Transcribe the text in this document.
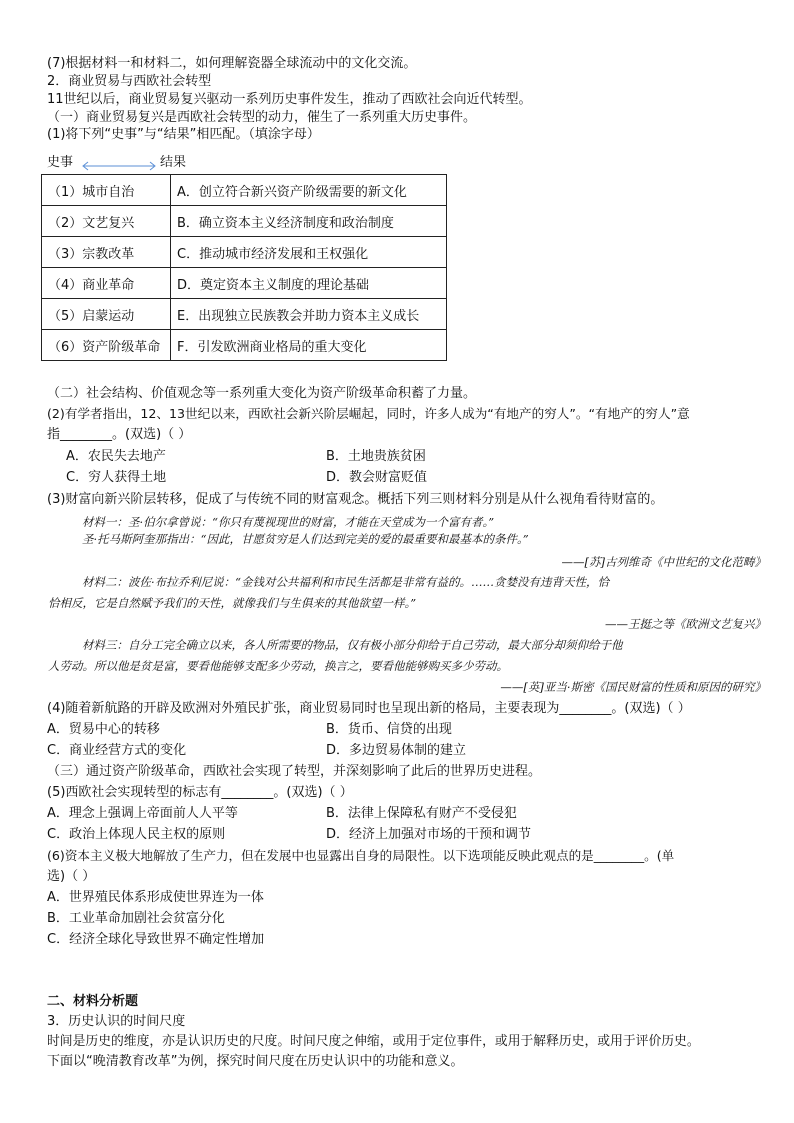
(7)根据材料一和材料二，如何理解瓷器全球流动中的文化交流。
2．商业贸易与西欧社会转型
11世纪以后，商业贸易复兴驱动一系列历史事件发生，推动了西欧社会向近代转型。
（一）商业贸易复兴是西欧社会转型的动力，催生了一系列重大历史事件。
(1)将下列“史事”与“结果”相匹配。（填涂字母）
史事	结果
（1）城市自治	A．创立符合新兴资产阶级需要的新文化
（2）文艺复兴	B．确立资本主义经济制度和政治制度
（3）宗教改革	C．推动城市经济发展和王权强化
（4）商业革命	D．奠定资本主义制度的理论基础
（5）启蒙运动	E．出现独立民族教会并助力资本主义成长
（6）资产阶级革命	F．引发欧洲商业格局的重大变化
（二）社会结构、价值观念等一系列重大变化为资产阶级革命积蓄了力量。
(2)有学者指出，12、13世纪以来，西欧社会新兴阶层崛起，同时，许多人成为“有地产的穷人”。“有地产的穷人”意
指________。(双选)（ ）
A．农民失去地产	B．土地贵族贫困
C．穷人获得土地	D．教会财富贬值
(3)财富向新兴阶层转移，促成了与传统不同的财富观念。概括下列三则材料分别是从什么视角看待财富的。
材料一：圣·伯尔拿曾说：“你只有蔑视现世的财富，才能在天堂成为一个富有者。”
圣·托马斯阿奎那指出：“因此，甘愿贫穷是人们达到完美的爱的最重要和最基本的条件。”
——[苏]古列维奇《中世纪的文化范畴》
材料二：波佐·布拉乔利尼说：“金钱对公共福利和市民生活都是非常有益的。……贪婪没有违背天性，恰
恰相反，它是自然赋予我们的天性，就像我们与生俱来的其他欲望一样。”
——王挺之等《欧洲文艺复兴》
材料三：自分工完全确立以来，各人所需要的物品，仅有极小部分仰给于自己劳动，最大部分却须仰给于他
人劳动。所以他是贫是富，要看他能够支配多少劳动，换言之，要看他能够购买多少劳动。
——[英]亚当·斯密《国民财富的性质和原因的研究》
(4)随着新航路的开辟及欧洲对外殖民扩张，商业贸易同时也呈现出新的格局，主要表现为________。(双选)（ ）
A．贸易中心的转移	B．货币、信贷的出现
C．商业经营方式的变化	D．多边贸易体制的建立
（三）通过资产阶级革命，西欧社会实现了转型，并深刻影响了此后的世界历史进程。
(5)西欧社会实现转型的标志有________。(双选)（ ）
A．理念上强调上帝面前人人平等	B．法律上保障私有财产不受侵犯
C．政治上体现人民主权的原则	D．经济上加强对市场的干预和调节
(6)资本主义极大地解放了生产力，但在发展中也显露出自身的局限性。以下选项能反映此观点的是________。(单
选)（ ）
A．世界殖民体系形成使世界连为一体
B．工业革命加剧社会贫富分化
C．经济全球化导致世界不确定性增加
二、材料分析题
3．历史认识的时间尺度
时间是历史的维度，亦是认识历史的尺度。时间尺度之伸缩，或用于定位事件，或用于解释历史，或用于评价历史。
下面以“晚清教育改革”为例，探究时间尺度在历史认识中的功能和意义。
